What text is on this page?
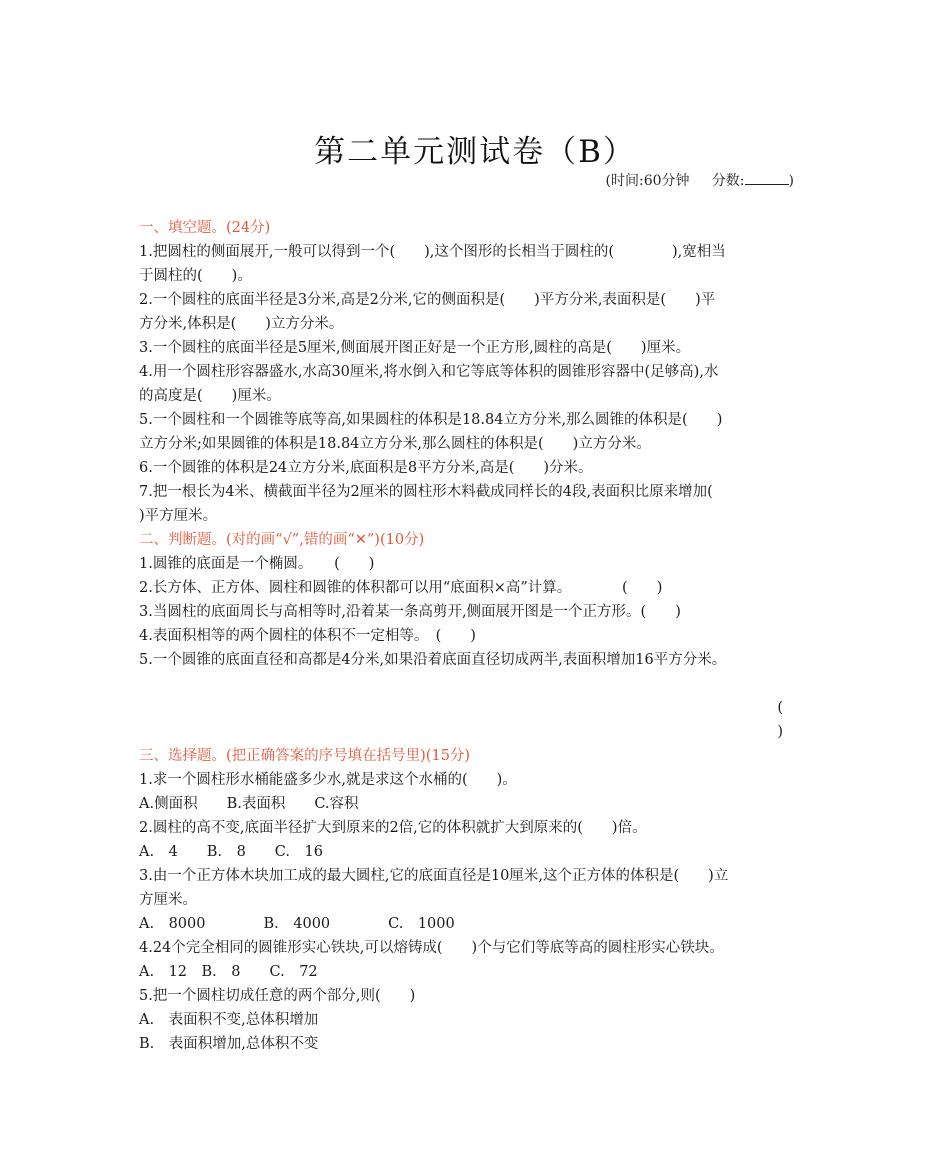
第二单元测试卷（B）
(时间:60分钟 分数:	)
一、填空题。(24分)
1.把圆柱的侧面展开,一般可以得到一个(　　),这个图形的长相当于圆柱的(　　　　),宽相当
于圆柱的(　　)。
2.一个圆柱的底面半径是3分米,高是2分米,它的侧面积是(　　)平方分米,表面积是(　　)平
方分米,体积是(　　)立方分米。
3.一个圆柱的底面半径是5厘米,侧面展开图正好是一个正方形,圆柱的高是(　　)厘米。
4.用一个圆柱形容器盛水,水高30厘米,将水倒入和它等底等体积的圆锥形容器中(足够高),水
的高度是(　　)厘米。
5.一个圆柱和一个圆锥等底等高,如果圆柱的体积是18.84立方分米,那么圆锥的体积是(　　)
立方分米;如果圆锥的体积是18.84立方分米,那么圆柱的体积是(　　)立方分米。
6.一个圆锥的体积是24立方分米,底面积是8平方分米,高是(　　)分米。
7.把一根长为4米、横截面半径为2厘米的圆柱形木料截成同样长的4段,表面积比原来增加(
)平方厘米。
二、判断题。(对的画“√”,错的画“✕”)(10分)
1.圆锥的底面是一个椭圆。　　(　　)
2.长方体、正方体、圆柱和圆锥的体积都可以用“底面积×高”计算。　　　　(　　)
3.当圆柱的底面周长与高相等时,沿着某一条高剪开,侧面展开图是一个正方形。(　　)
4.表面积相等的两个圆柱的体积不一定相等。　(　　)
5.一个圆锥的底面直径和高都是4分米,如果沿着底面直径切成两半,表面积增加16平方分米。
(
)
三、选择题。(把正确答案的序号填在括号里)(15分)
1.求一个圆柱形水桶能盛多少水,就是求这个水桶的(　　)。
A.侧面积　　B.表面积　　C.容积
2.圆柱的高不变,底面半径扩大到原来的2倍,它的体积就扩大到原来的(　　)倍。
A.　4　　B.　8　　C.　16
3.由一个正方体木块加工成的最大圆柱,它的底面直径是10厘米,这个正方体的体积是(　　)立
方厘米。
A.　8000　　　　B.　4000　　　　C.　1000
4.24个完全相同的圆锥形实心铁块,可以熔铸成(　　)个与它们等底等高的圆柱形实心铁块。
A.　12　B.　8　　C.　72
5.把一个圆柱切成任意的两个部分,则(　　)
A.　表面积不变,总体积增加
B.　表面积增加,总体积不变
